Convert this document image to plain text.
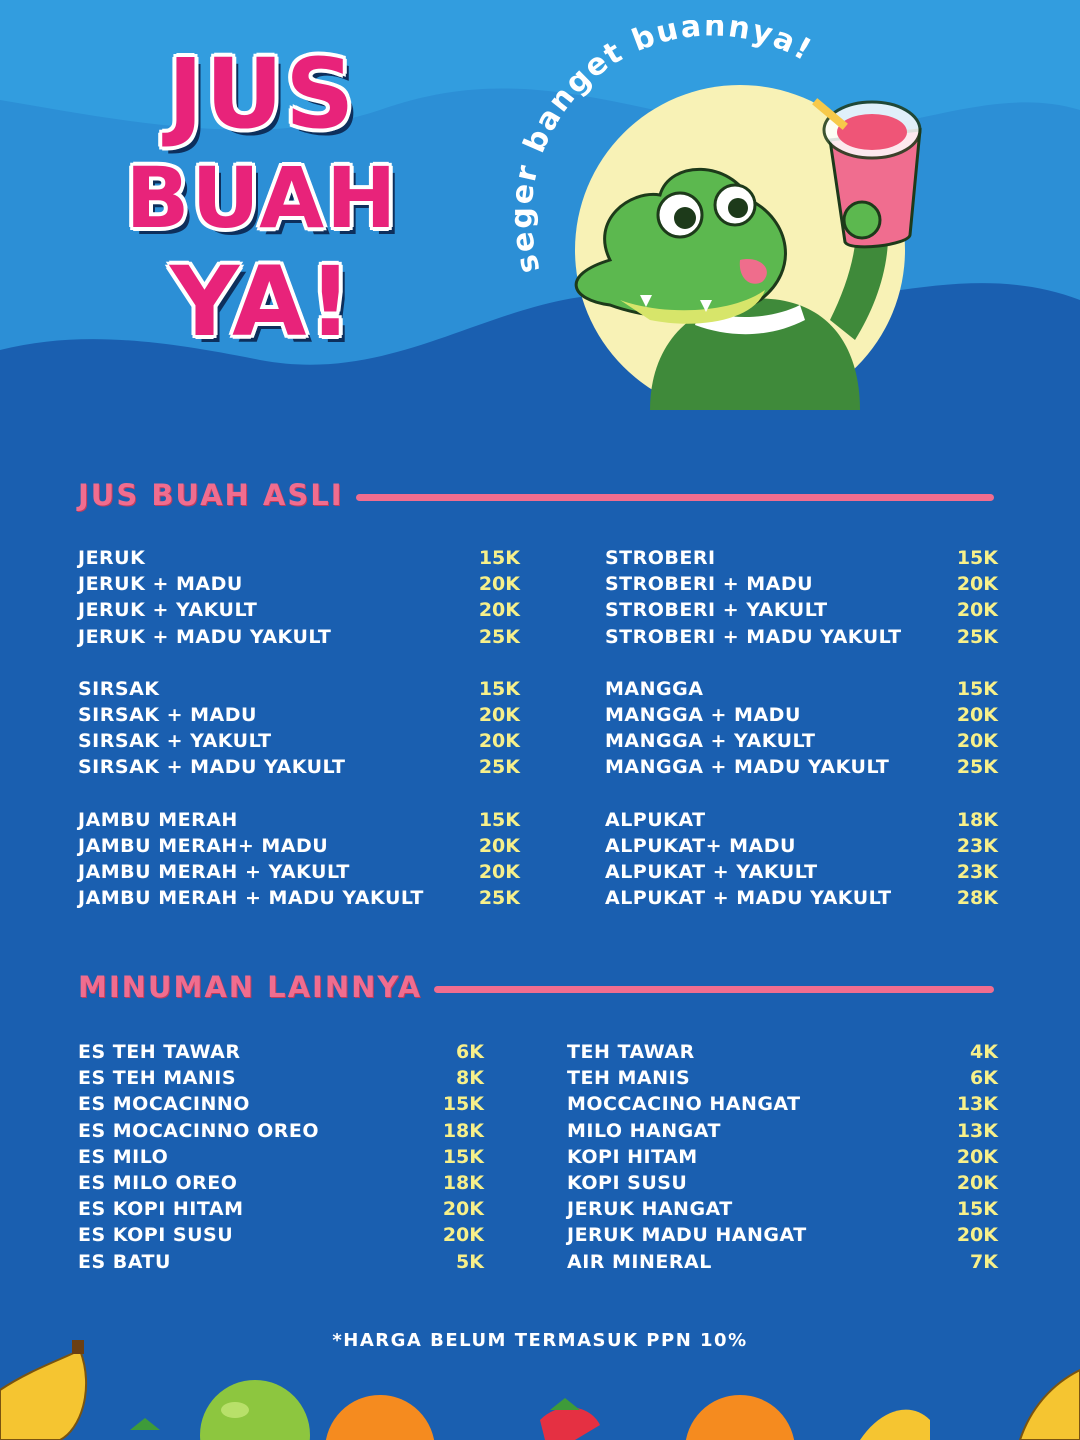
JUS
BUAH
YA!	seger banget buahnya!
JUS BUAH ASLI
JERUK	15K
JERUK + MADU	20K
JERUK + YAKULT	20K
JERUK + MADU YAKULT	25K
SIRSAK	15K
SIRSAK + MADU	20K
SIRSAK + YAKULT	20K
SIRSAK + MADU YAKULT	25K
JAMBU MERAH	15K
JAMBU MERAH+ MADU	20K
JAMBU MERAH + YAKULT	20K
JAMBU MERAH + MADU YAKULT	25K
STROBERI	15K
STROBERI + MADU	20K
STROBERI + YAKULT	20K
STROBERI + MADU YAKULT	25K
MANGGA	15K
MANGGA + MADU	20K
MANGGA + YAKULT	20K
MANGGA + MADU YAKULT	25K
ALPUKAT	18K
ALPUKAT+ MADU	23K
ALPUKAT + YAKULT	23K
ALPUKAT + MADU YAKULT	28K
MINUMAN LAINNYA
ES TEH TAWAR	6K
ES TEH MANIS	8K
ES MOCACINNO	15K
ES MOCACINNO OREO	18K
ES MILO	15K
ES MILO OREO	18K
ES KOPI HITAM	20K
ES KOPI SUSU	20K
ES BATU	5K
TEH TAWAR	4K
TEH MANIS	6K
MOCCACINO HANGAT	13K
MILO HANGAT	13K
KOPI HITAM	20K
KOPI SUSU	20K
JERUK HANGAT	15K
JERUK MADU HANGAT	20K
AIR MINERAL	7K
*HARGA BELUM TERMASUK PPN 10%
